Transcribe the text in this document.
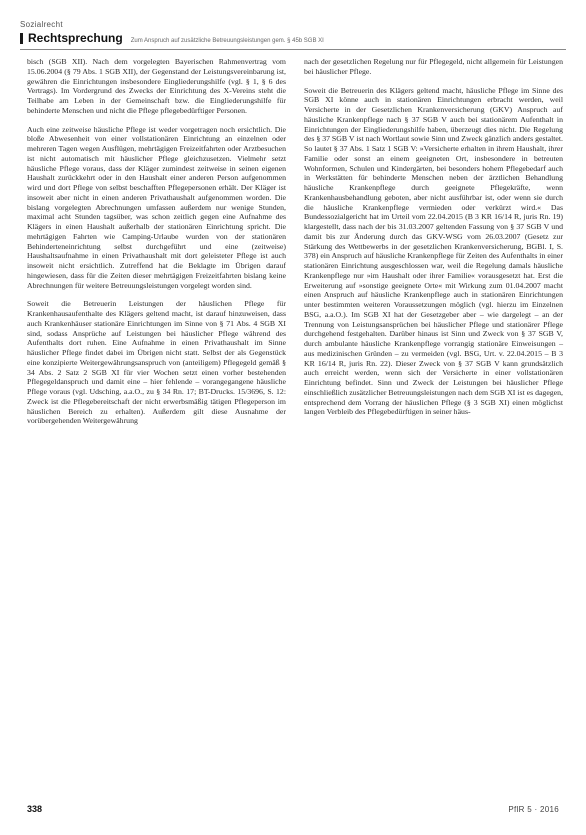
Sozialrecht
Rechtsprechung Zum Anspruch auf zusätzliche Betreuungsleistungen gem. § 45b SGB XI

bisch (SGB XII). Nach dem vorgelegten Bayerischen Rahmenvertrag vom 15.06.2004 (§ 79 Abs. 1 SGB XII), der Gegenstand der Leistungsvereinbarung ist, gewähren die Einrichtungen insbesondere Eingliederungshilfe (vgl. § 1, § 6 des Vertrags). Im Vordergrund des Zwecks der Einrichtung des X-Vereins steht die Teilhabe am Leben in der Gemeinschaft bzw. die Eingliederungshilfe für behinderte Menschen und nicht die Pflege pflegebedürftiger Personen.

Auch eine zeitweise häusliche Pflege ist weder vorgetragen noch ersichtlich. Die bloße Abwesenheit von einer vollstationären Einrichtung an einzelnen oder mehreren Tagen wegen Ausflügen, mehrtägigen Freizeitfahrten oder Arztbesuchen ist nicht automatisch mit häuslicher Pflege gleichzusetzen. Vielmehr setzt häusliche Pflege voraus, dass der Kläger zumindest zeitweise in seinen eigenen Haushalt zurückkehrt oder in den Haushalt einer anderen Person aufgenommen wird und dort Pflege von selbst beschafften Pflegepersonen erhält. Der Kläger ist insoweit aber nicht in einen anderen Privathaushalt aufgenommen worden. Die bislang vorgelegten Abrechnungen umfassen außerdem nur wenige Stunden, maximal acht Stunden tagsüber, was schon zeitlich gegen eine Aufnahme des Klägers in einen Haushalt außerhalb der stationären Einrichtung spricht. Die mehrtägigen Fahrten wie Camping-Urlaube wurden von der stationären Behinderteneinrichtung selbst durchgeführt und eine (zeitweise) Haushaltsaufnahme in einen Privathaushalt mit dort geleisteter Pflege ist auch insoweit nicht ersichtlich. Zutreffend hat die Beklagte im Übrigen darauf hingewiesen, dass für die Zeiten dieser mehrtägigen Freizeitfahrten bislang keine Abrechnungen für weitere Betreuungsleistungen vorgelegt worden sind.

Soweit die Betreuerin Leistungen der häuslichen Pflege für Krankenhausaufenthalte des Klägers geltend macht, ist darauf hinzuweisen, dass auch Krankenhäuser stationäre Einrichtungen im Sinne von § 71 Abs. 4 SGB XI sind, sodass Ansprüche auf Leistungen bei häuslicher Pflege während des Aufenthalts dort ruhen. Eine Aufnahme in einen Privathaushalt im Sinne häuslicher Pflege findet dabei im Übrigen nicht statt. Selbst der als Gegenstück eine konzipierte Weitergewährungsanspruch von (anteiligem) Pflegegeld gemäß § 34 Abs. 2 Satz 2 SGB XI für vier Wochen setzt einen vorher bestehenden Pflegegeldanspruch und damit eine – hier fehlende – vorangegangene häusliche Pflege voraus (vgl. Udsching, a.a.O., zu § 34 Rn. 17; BT-Drucks. 15/3696, S. 12: Zweck ist die Pflegebereitschaft der nicht erwerbsmäßig tätigen Pflegeperson im häuslichen Bereich zu erhalten). Außerdem gilt diese Ausnahme der vorübergehenden Weitergewährung

nach der gesetzlichen Regelung nur für Pflegegeld, nicht allgemein für Leistungen bei häuslicher Pflege.

Soweit die Betreuerin des Klägers geltend macht, häusliche Pflege im Sinne des SGB XI könne auch in stationären Einrichtungen erbracht werden, weil Versicherte in der Gesetzlichen Krankenversicherung (GKV) Anspruch auf häusliche Krankenpflege nach § 37 SGB V auch bei stationärem Aufenthalt in Einrichtungen der Eingliederungshilfe haben, überzeugt dies nicht. Die Regelung des § 37 SGB V ist nach Wortlaut sowie Sinn und Zweck gänzlich anders gestaltet. So lautet § 37 Abs. 1 Satz 1 SGB V: »Versicherte erhalten in ihrem Haushalt, ihrer Familie oder sonst an einem geeigneten Ort, insbesondere in betreuten Wohnformen, Schulen und Kindergärten, bei besonders hohem Pflegebedarf auch in Werkstätten für behinderte Menschen neben der ärztlichen Behandlung häusliche Krankenpflege durch geeignete Pflegekräfte, wenn Krankenhausbehandlung geboten, aber nicht ausführbar ist, oder wenn sie durch die häusliche Krankenpflege vermieden oder verkürzt wird.« Das Bundessozialgericht hat im Urteil vom 22.04.2015 (B 3 KR 16/14 R, juris Rn. 19) klargestellt, dass nach der bis 31.03.2007 geltenden Fassung von § 37 SGB V und damit bis zur Änderung durch das GKV-WSG vom 26.03.2007 (Gesetz zur Stärkung des Wettbewerbs in der gesetzlichen Krankenversicherung, BGBl. I, S. 378) ein Anspruch auf häusliche Krankenpflege für Zeiten des Aufenthalts in einer stationären Einrichtung ausgeschlossen war, weil die Regelung damals häusliche Krankenpflege nur »im Haushalt oder ihrer Familie« vorausgesetzt hat. Erst die Erweiterung auf »sonstige geeignete Orte« mit Wirkung zum 01.04.2007 macht einen Anspruch auf häusliche Krankenpflege auch in stationären Einrichtungen unter bestimmten weiteren Voraussetzungen möglich (vgl. hierzu im Einzelnen BSG, a.a.O.). Im SGB XI hat der Gesetzgeber aber – wie dargelegt – an der Trennung von Leistungsansprüchen bei häuslicher Pflege und stationärer Pflege durchgehend festgehalten. Darüber hinaus ist Sinn und Zweck von § 37 SGB V, durch ambulante häusliche Krankenpflege vorrangig stationäre Einweisungen – aus medizinischen Gründen – zu vermeiden (vgl. BSG, Urt. v. 22.04.2015 – B 3 KR 16/14 R, juris Rn. 22). Dieser Zweck von § 37 SGB V kann grundsätzlich auch erreicht werden, wenn sich der Versicherte in einer vollstationären Einrichtung befindet. Sinn und Zweck der Leistungen bei häuslicher Pflege einschließlich zusätzlicher Betreuungsleistungen nach dem SGB XI ist es dagegen, entsprechend dem Vorrang der häuslichen Pflege (§ 3 SGB XI) einen möglichst langen Verbleib des Pflegebedürftigen in seiner häus-

338	PflR 5 · 2016
